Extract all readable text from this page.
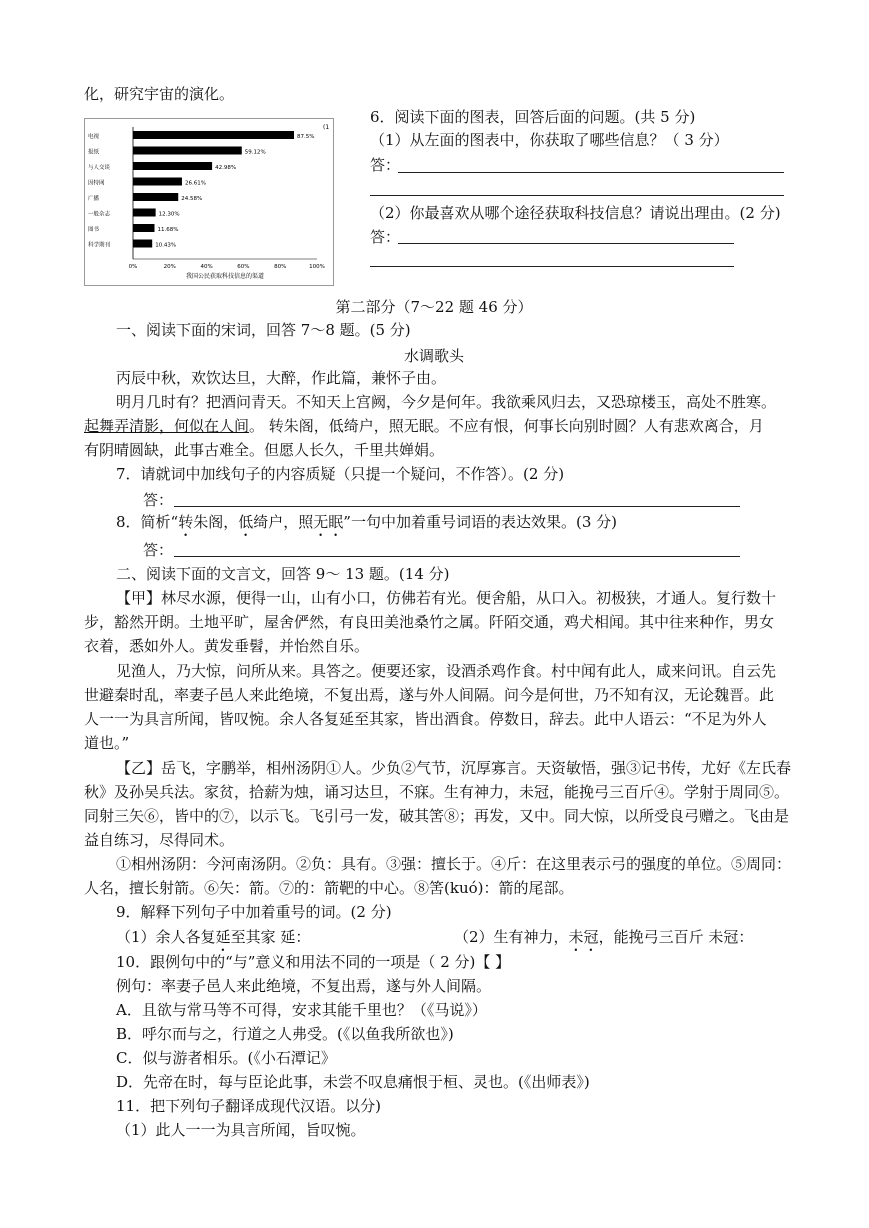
化，研究宇宙的演化。
电视	87.5%
报纸	59.12%
与人交谈	42.98%
因特网	26.61%
广播	24.58%
一般杂志	12.30%
图书	11.68%
科学期刊	10.43%
0%	20%	40%	60%	80%	100%
我国公民获取科技信息的渠道
(1
6．阅读下面的图表，回答后面的问题。(共 5 分)
（1）从左面的图表中，你获取了哪些信息？（ 3 分）
答：
（2）你最喜欢从哪个途径获取科技信息？请说出理由。(2 分)
答：
第二部分（7～22 题 46 分）
一、阅读下面的宋词，回答 7～8 题。(5 分)
水调歌头
丙辰中秋，欢饮达旦，大醉，作此篇，兼怀子由。
明月几时有？把酒问青天。不知天上宫阙，今夕是何年。我欲乘风归去，又恐琼楼玉，高处不胜寒。
起舞弄清影，何似在人间。 转朱阁，低绮户，照无眠。不应有恨，何事长向别时圆？人有悲欢离合，月
有阴晴圆缺，此事古难全。但愿人长久，千里共婵娟。
7．请就词中加线句子的内容质疑（只提一个疑问，不作答）。(2 分)
答：
8．简析“转朱阁，低绮户，照无眠”一句中加着重号词语的表达效果。(3 分)
答：
二、阅读下面的文言文，回答 9～ 13 题。(14 分)
【甲】林尽水源，便得一山，山有小口，仿佛若有光。便舍船，从口入。初极狭，才通人。复行数十
步，豁然开朗。土地平旷，屋舍俨然，有良田美池桑竹之属。阡陌交通，鸡犬相闻。其中往来种作，男女
衣着，悉如外人。黄发垂髫，并怡然自乐。
见渔人，乃大惊，问所从来。具答之。便要还家，设酒杀鸡作食。村中闻有此人，咸来问讯。自云先
世避秦时乱，率妻子邑人来此绝境，不复出焉，遂与外人间隔。问今是何世，乃不知有汉，无论魏晋。此
人一一为具言所闻，皆叹惋。余人各复延至其家，皆出酒食。停数日，辞去。此中人语云：“不足为外人
道也。”
【乙】岳飞，字鹏举，相州汤阴①人。少负②气节，沉厚寡言。天资敏悟，强③记书传，尤好《左氏春
秋》及孙吴兵法。家贫，拾薪为烛，诵习达旦，不寐。生有神力，未冠，能挽弓三百斤④。学射于周同⑤。
同射三矢⑥，皆中的⑦，以示飞。飞引弓一发，破其筈⑧；再发，又中。同大惊，以所受良弓赠之。飞由是
益自练习，尽得同术。
①相州汤阴：今河南汤阴。②负：具有。③强：擅长于。④斤：在这里表示弓的强度的单位。⑤周同：
人名，擅长射箭。⑥矢：箭。⑦的：箭靶的中心。⑧筈(kuó)：箭的尾部。
9．解释下列句子中加着重号的词。(2 分)
（1）余人各复延至其家 延：	（2）生有神力，未冠，能挽弓三百斤 未冠：
10．跟例句中的“与”意义和用法不同的一项是（ 2 分)【 】
例句：率妻子邑人来此绝境，不复出焉，遂与外人间隔。
A．且欲与常马等不可得，安求其能千里也？（《马说》）
B．呼尔而与之，行道之人弗受。(《以鱼我所欲也》)
C．似与游者相乐。(《小石潭记》
D．先帝在时，每与臣论此事，未尝不叹息痛恨于桓、灵也。(《出师表》)
11．把下列句子翻译成现代汉语。以分)
（1）此人一一为具言所闻，旨叹惋。
